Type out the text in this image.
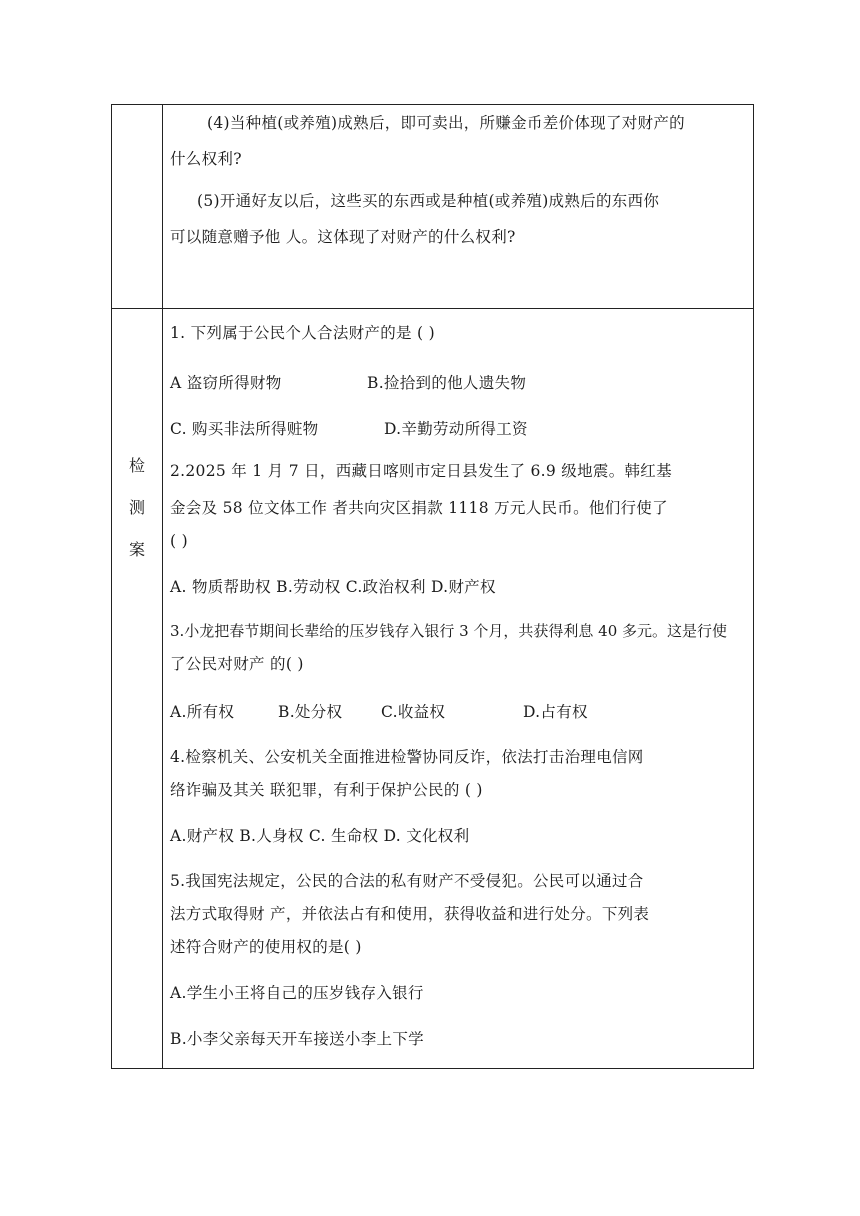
(4)当种植(或养殖)成熟后，即可卖出，所赚金币差价体现了对财产的
什么权利?
(5)开通好友以后，这些买的东西或是种植(或养殖)成熟后的东西你
可以随意赠予他 人。这体现了对财产的什么权利?
检
测
案
1. 下列属于公民个人合法财产的是 ( )
A 盗窃所得财物	B.捡拾到的他人遗失物
C. 购买非法所得赃物	D.辛勤劳动所得工资
2.2025 年 1 月 7 日，西藏日喀则市定日县发生了 6.9 级地震。韩红基
金会及 58 位文体工作 者共向灾区捐款 1118 万元人民币。他们行使了
( )
A. 物质帮助权 B.劳动权 C.政治权利 D.财产权
3.小龙把春节期间长辈给的压岁钱存入银行 3 个月，共获得利息 40 多元。这是行使
了公民对财产 的( )
A.所有权	B.处分权 C.收益权	D.占有权
4.检察机关、公安机关全面推进检警协同反诈，依法打击治理电信网
络诈骗及其关 联犯罪，有利于保护公民的 ( )
A.财产权 B.人身权 C. 生命权 D. 文化权利
5.我国宪法规定，公民的合法的私有财产不受侵犯。公民可以通过合
法方式取得财 产，并依法占有和使用，获得收益和进行处分。下列表
述符合财产的使用权的是( )
A.学生小王将自己的压岁钱存入银行
B.小李父亲每天开车接送小李上下学
